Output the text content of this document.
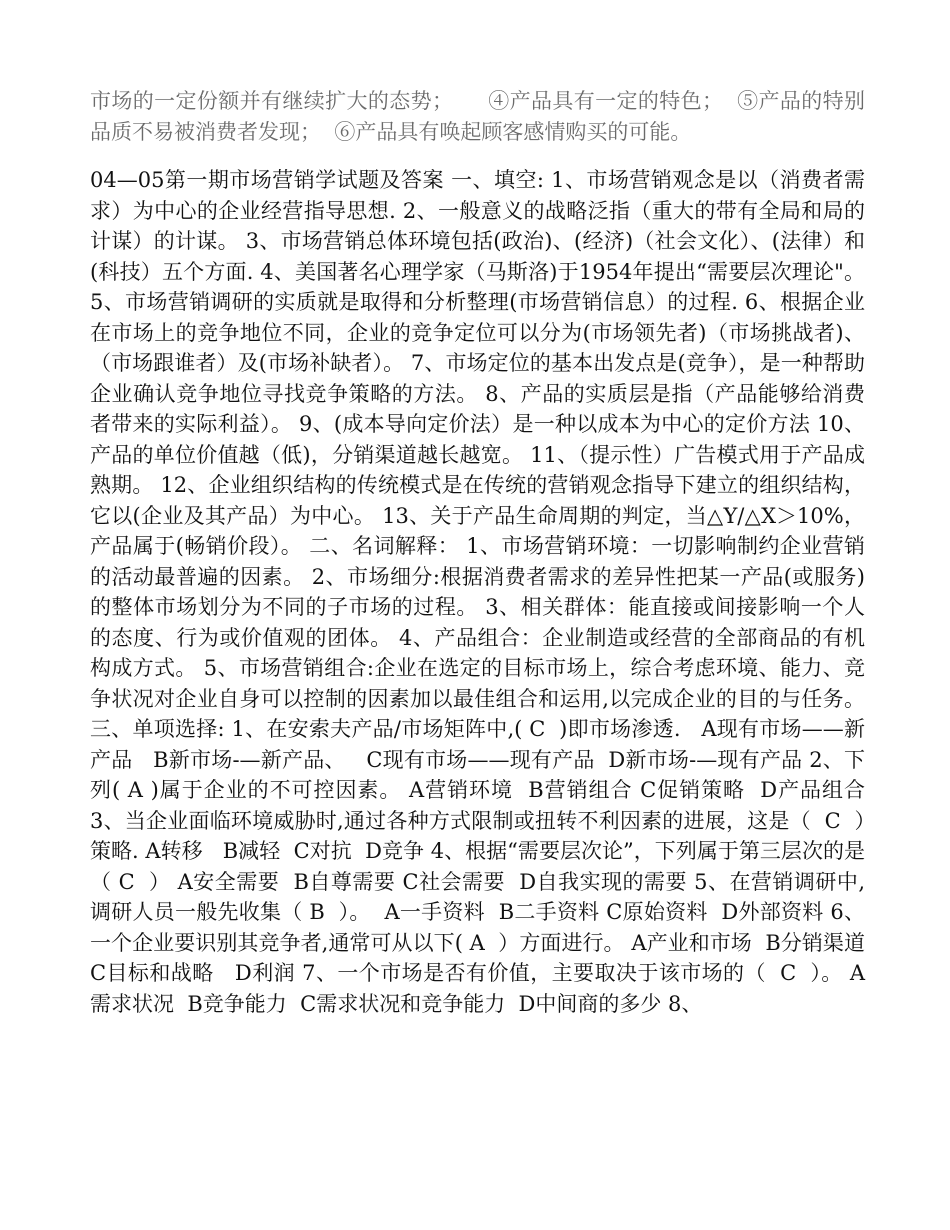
市场的一定份额并有继续扩大的态势；     ④产品具有一定的特色；  ⑤产品的特别品质不易被消费者发现；  ⑥产品具有唤起顾客感情购买的可能。

04—05第一期市场营销学试题及答案 一、填空: 1、市场营销观念是以（消费者需求）为中心的企业经营指导思想. 2、一般意义的战略泛指（重大的带有全局和局的计谋）的计谋。 3、市场营销总体环境包括(政治)、(经济)（社会文化）、(法律）和(科技）五个方面. 4、美国著名心理学家（马斯洛)于1954年提出“需要层次理论"。 5、市场营销调研的实质就是取得和分析整理(市场营销信息）的过程. 6、根据企业在市场上的竞争地位不同，企业的竞争定位可以分为(市场领先者)（市场挑战者)、（市场跟谁者）及(市场补缺者）。 7、市场定位的基本出发点是(竞争），是一种帮助企业确认竞争地位寻找竞争策略的方法。 8、产品的实质层是指（产品能够给消费者带来的实际利益）。 9、(成本导向定价法）是一种以成本为中心的定价方法 10、产品的单位价值越（低)，分销渠道越长越宽。 11、（提示性）广告模式用于产品成熟期。 12、企业组织结构的传统模式是在传统的营销观念指导下建立的组织结构，它以(企业及其产品）为中心。 13、关于产品生命周期的判定，当△Y/△X＞10%，产品属于(畅销价段）。 二、名词解释： 1、市场营销环境：一切影响制约企业营销的活动最普遍的因素。 2、市场细分:根据消费者需求的差异性把某一产品(或服务)的整体市场划分为不同的子市场的过程。 3、相关群体：能直接或间接影响一个人的态度、行为或价值观的团体。 4、产品组合：企业制造或经营的全部商品的有机构成方式。 5、市场营销组合:企业在选定的目标市场上，综合考虑环境、能力、竞争状况对企业自身可以控制的因素加以最佳组合和运用,以完成企业的目的与任务。 三、单项选择: 1、在安索夫产品/市场矩阵中,( C  )即市场渗透.   A现有市场——新产品   B新市场-—新产品、   C现有市场——现有产品  D新市场-—现有产品 2、下列( A )属于企业的不可控因素。 A营销环境  B营销组合 C促销策略  D产品组合 3、当企业面临环境威胁时,通过各种方式限制或扭转不利因素的进展，这是（  C  ）策略. A转移   B减轻  C对抗  D竞争 4、根据“需要层次论”，下列属于第三层次的是（ C  ） A安全需要  B自尊需要 C社会需要  D自我实现的需要 5、在营销调研中,调研人员一般先收集（ B  ）。  A一手资料  B二手资料 C原始资料  D外部资料 6、一个企业要识别其竞争者,通常可从以下( A  ）方面进行。 A产业和市场  B分销渠道  C目标和战略   D利润 7、一个市场是否有价值，主要取决于该市场的（  C  ）。 A需求状况  B竞争能力  C需求状况和竞争能力  D中间商的多少 8、
